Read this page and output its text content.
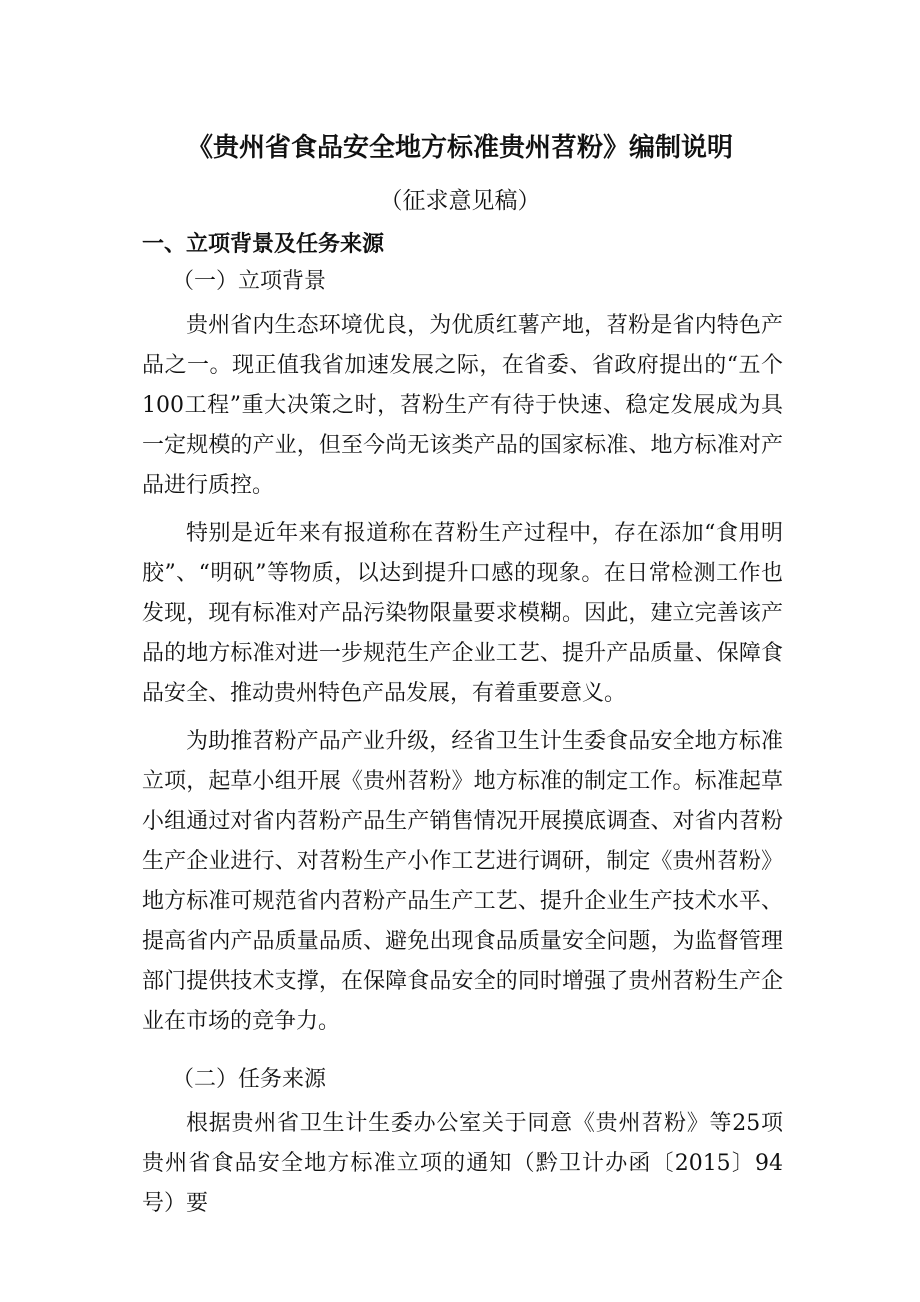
《贵州省食品安全地方标准贵州苕粉》编制说明
（征求意见稿）
一、立项背景及任务来源
（一）立项背景

贵州省内生态环境优良，为优质红薯产地，苕粉是省内特色产品之一。现正值我省加速发展之际，在省委、省政府提出的“五个100工程”重大决策之时，苕粉生产有待于快速、稳定发展成为具一定规模的产业，但至今尚无该类产品的国家标准、地方标准对产品进行质控。

特别是近年来有报道称在苕粉生产过程中，存在添加“食用明胶”、“明矾”等物质，以达到提升口感的现象。在日常检测工作也发现，现有标准对产品污染物限量要求模糊。因此，建立完善该产品的地方标准对进一步规范生产企业工艺、提升产品质量、保障食品安全、推动贵州特色产品发展，有着重要意义。

为助推苕粉产品产业升级，经省卫生计生委食品安全地方标准立项，起草小组开展《贵州苕粉》地方标准的制定工作。标准起草小组通过对省内苕粉产品生产销售情况开展摸底调查、对省内苕粉生产企业进行、对苕粉生产小作工艺进行调研，制定《贵州苕粉》地方标准可规范省内苕粉产品生产工艺、提升企业生产技术水平、提高省内产品质量品质、避免出现食品质量安全问题，为监督管理部门提供技术支撑，在保障食品安全的同时增强了贵州苕粉生产企业在市场的竞争力。

（二）任务来源

根据贵州省卫生计生委办公室关于同意《贵州苕粉》等25项贵州省食品安全地方标准立项的通知（黔卫计办函〔2015〕94号）要
